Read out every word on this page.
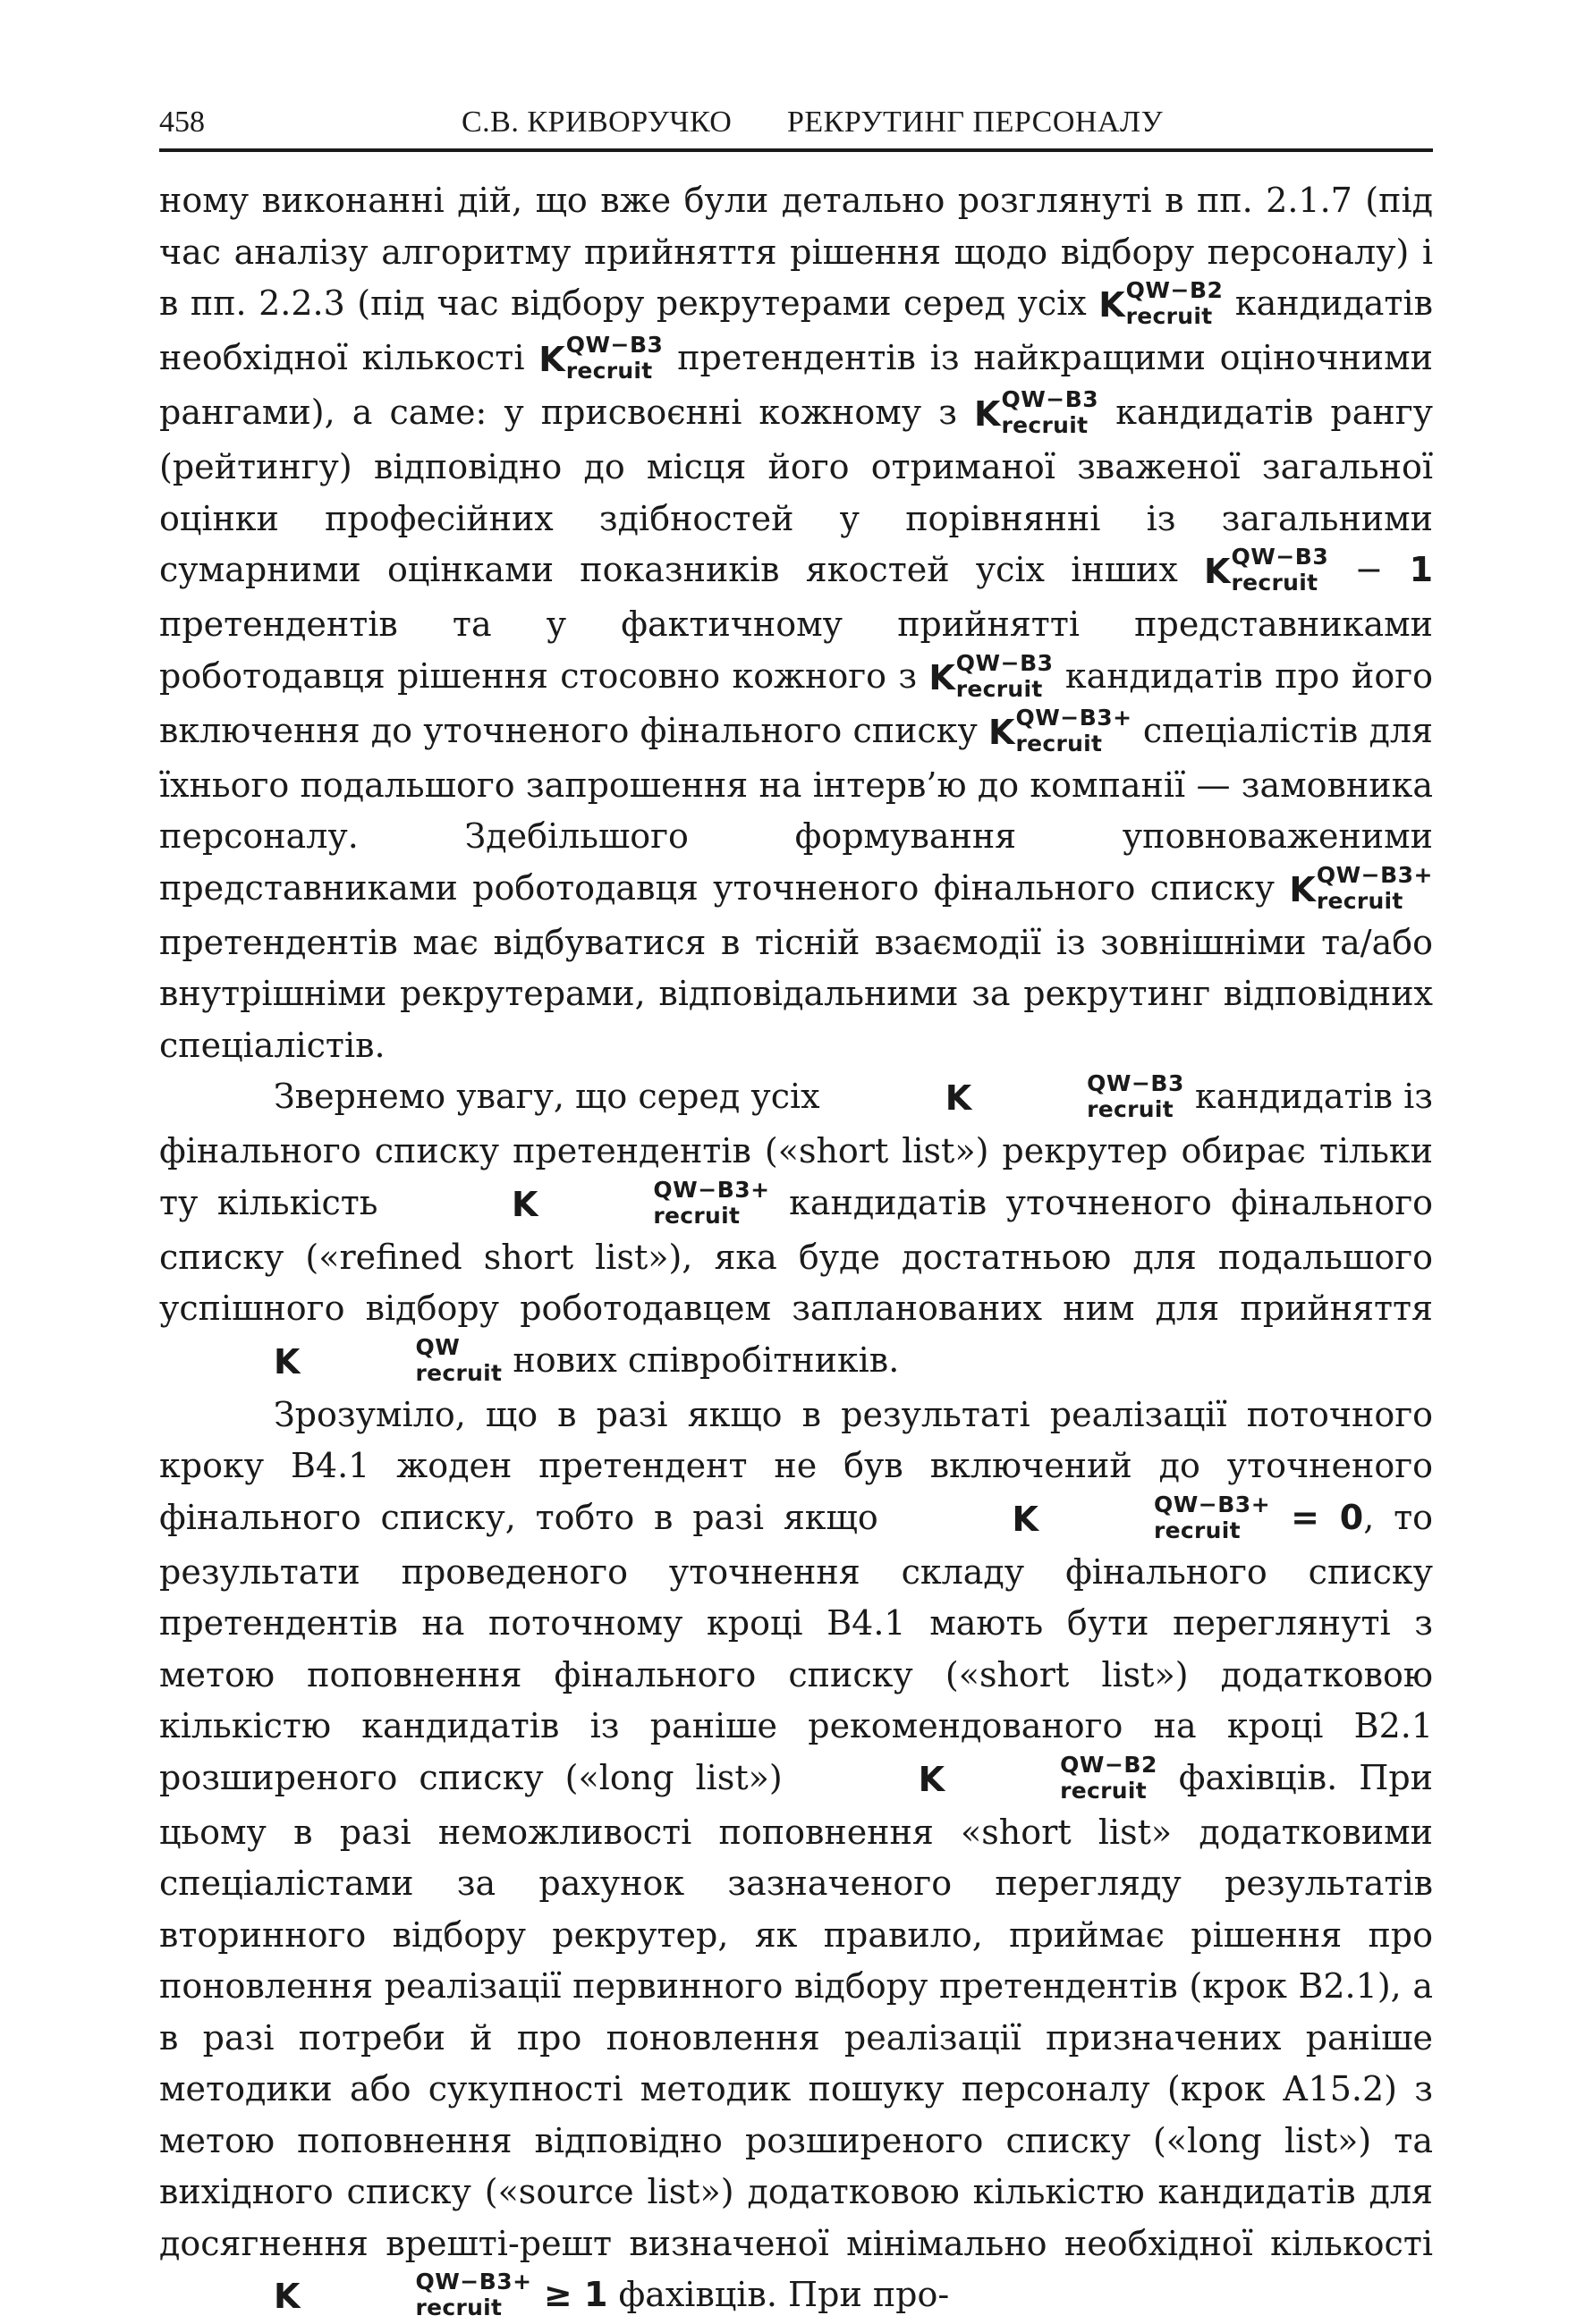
458	С.В. КРИВОРУЧКО РЕКРУТИНГ ПЕРСОНАЛУ

ному виконанні дій, що вже були детально розглянуті в пп. 2.1.7 (під час аналізу алгоритму прийняття рішення щодо відбору персоналу) і в пп. 2.2.3 (під час відбору рекрутерами серед усіх K QW−B2
recruit кандидатів необхідної кількості K QW−B3
recruit претендентів із найкращими оціночними рангами), а саме: у присвоєнні кожному з K QW−B3
recruit кандидатів рангу (рейтингу) відповідно до місця його отриманої зваженої загальної оцінки професійних здібностей у порівнянні із загальними сумарними оцінками показників якостей усіх інших K QW−B3
recruit − 1 претендентів та у фактичному прийнятті представниками роботодавця рішення стосовно кожного з K QW−B3
recruit кандидатів про його включення до уточненого фінального списку K QW−B3+
recruit спеціалістів для їхнього подальшого запрошення на інтерв’ю до компанії — замовника персоналу. Здебільшого формування уповноваженими представниками роботодавця уточненого фінального списку K QW−B3+
recruit
претендентів має відбуватися в тісній взаємодії із зовнішніми та/або внутрішніми рекрутерами, відповідальними за рекрутинг відповідних спеціалістів.

Звернемо увагу, що серед усіх	K	QW−B3
recruit кандидатів із фінального списку претендентів («short list») рекрутер обирає тільки ту кількість	K	QW−B3+
recruit кандидатів уточненого фінального списку («refined short list»), яка буде достатньою для подальшого успішного відбору роботодавцем запланованих ним для прийняття K	QW
recruit нових співробітників.

Зрозуміло, що в разі якщо в результаті реалізації поточного кроку В4.1 жоден претендент не був включений до уточненого фінального списку, тобто в разі якщо	K	QW−B3+
recruit = 0, то результати проведеного уточнення складу фінального списку претендентів на поточному кроці В4.1 мають бути переглянуті з метою поповнення фінального списку («short list») додатковою кількістю кандидатів із раніше рекомендованого на кроці В2.1 розширеного списку («long list»)	K	QW−B2
recruit фахівців. При цьому в разі неможливості поповнення «short list» додатковими спеціалістами за рахунок зазначеного перегляду результатів вторинного відбору рекрутер, як правило, приймає рішення про поновлення реалізації первинного відбору претендентів (крок В2.1), а в разі потреби й про поновлення реалізації призначених раніше методики або сукупності методик пошуку персоналу (крок А15.2) з метою поповнення відповідно розширеного списку («long list») та вихідного списку («source list») додатковою кількістю кандидатів для досягнення врешті-решт визначеної мінімально необхідної кількості K	QW−B3+
recruit ≥ 1 фахівців. При про-
